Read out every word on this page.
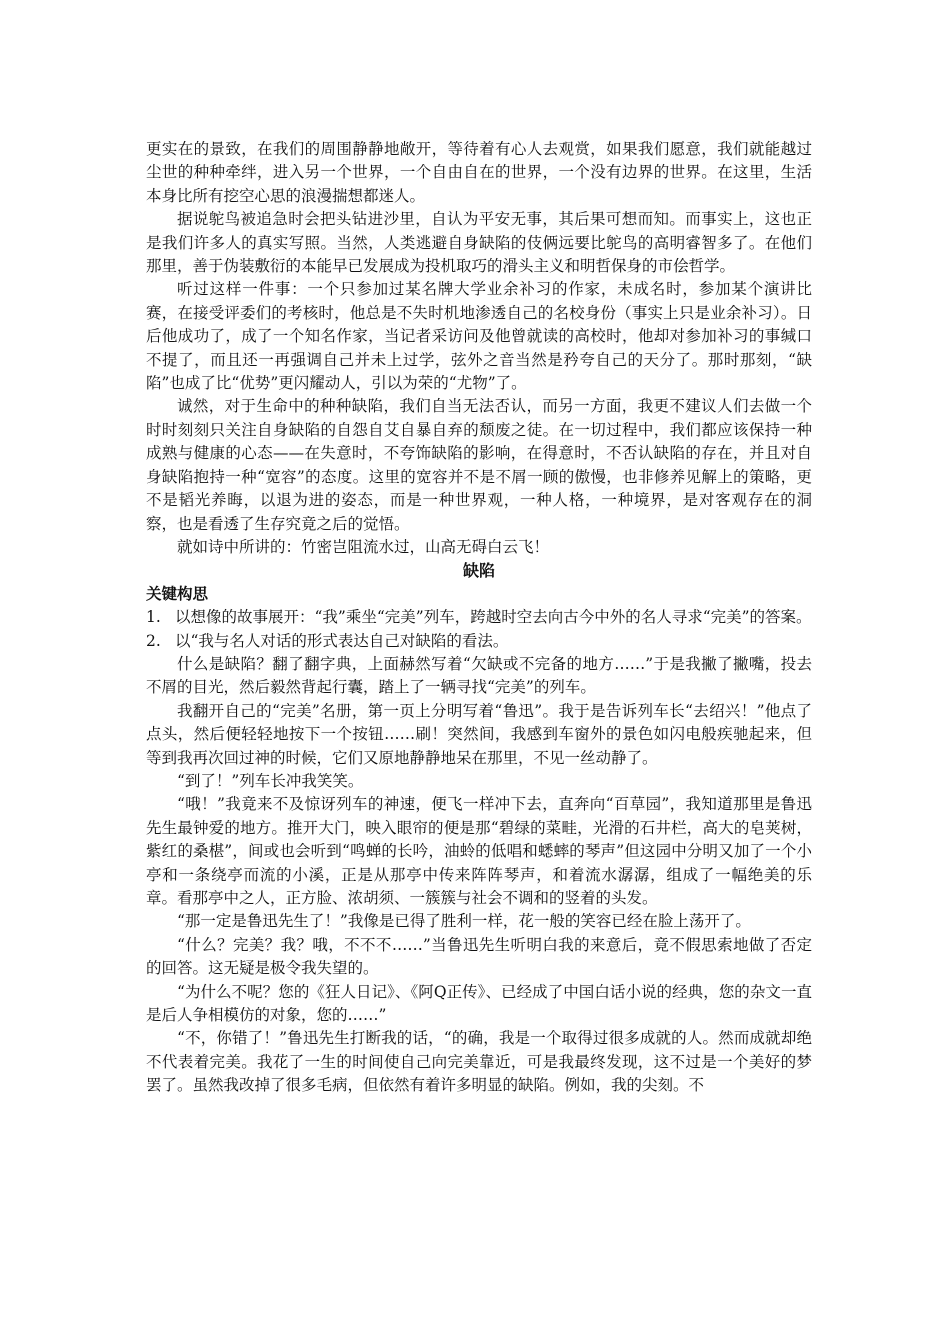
更实在的景致，在我们的周围静静地敞开，等待着有心人去观赏，如果我们愿意，我们就能越过尘世的种种牵绊，进入另一个世界，一个自由自在的世界，一个没有边界的世界。在这里，生活本身比所有挖空心思的浪漫揣想都迷人。

据说鸵鸟被追急时会把头钻进沙里，自认为平安无事，其后果可想而知。而事实上，这也正是我们许多人的真实写照。当然，人类逃避自身缺陷的伎俩远要比鸵鸟的高明睿智多了。在他们那里，善于伪装敷衍的本能早已发展成为投机取巧的滑头主义和明哲保身的市侩哲学。

听过这样一件事：一个只参加过某名牌大学业余补习的作家，未成名时，参加某个演讲比赛，在接受评委们的考核时，他总是不失时机地渗透自己的名校身份（事实上只是业余补习）。日后他成功了，成了一个知名作家，当记者采访问及他曾就读的高校时，他却对参加补习的事缄口不提了，而且还一再强调自己并未上过学，弦外之音当然是矜夸自己的天分了。那时那刻，“缺陷”也成了比“优势”更闪耀动人，引以为荣的“尤物”了。

诚然，对于生命中的种种缺陷，我们自当无法否认，而另一方面，我更不建议人们去做一个时时刻刻只关注自身缺陷的自怨自艾自暴自弃的颓废之徒。在一切过程中，我们都应该保持一种成熟与健康的心态——在失意时，不夸饰缺陷的影响，在得意时，不否认缺陷的存在，并且对自身缺陷抱持一种“宽容”的态度。这里的宽容并不是不屑一顾的傲慢，也非修养见解上的策略，更不是韬光养晦，以退为进的姿态，而是一种世界观，一种人格，一种境界，是对客观存在的洞察，也是看透了生存究竟之后的觉悟。

就如诗中所讲的：竹密岂阻流水过，山高无碍白云飞！

缺陷

关键构思

1. 以想像的故事展开：“我”乘坐“完美”列车，跨越时空去向古今中外的名人寻求“完美”的答案。
2. 以“我与名人对话的形式表达自己对缺陷的看法。

什么是缺陷？翻了翻字典，上面赫然写着“欠缺或不完备的地方……”于是我撇了撇嘴，投去不屑的目光，然后毅然背起行囊，踏上了一辆寻找“完美”的列车。

我翻开自己的“完美”名册，第一页上分明写着“鲁迅”。我于是告诉列车长“去绍兴！”他点了点头，然后便轻轻地按下一个按钮……刷！突然间，我感到车窗外的景色如闪电般疾驰起来，但等到我再次回过神的时候，它们又原地静静地呆在那里，不见一丝动静了。

“到了！”列车长冲我笑笑。

“哦！”我竟来不及惊讶列车的神速，便飞一样冲下去，直奔向“百草园”，我知道那里是鲁迅先生最钟爱的地方。推开大门，映入眼帘的便是那“碧绿的菜畦，光滑的石井栏，高大的皂荚树，紫红的桑椹”，间或也会听到“鸣蝉的长吟，油蛉的低唱和蟋蟀的琴声”但这园中分明又加了一个小亭和一条绕亭而流的小溪，正是从那亭中传来阵阵琴声，和着流水潺潺，组成了一幅绝美的乐章。看那亭中之人，正方脸、浓胡须、一簇簇与社会不调和的竖着的头发。

“那一定是鲁迅先生了！”我像是已得了胜利一样，花一般的笑容已经在脸上荡开了。

“什么？完美？我？哦，不不不……”当鲁迅先生听明白我的来意后，竟不假思索地做了否定的回答。这无疑是极令我失望的。

“为什么不呢？您的《狂人日记》、《阿Q正传》、已经成了中国白话小说的经典，您的杂文一直是后人争相模仿的对象，您的……”

“不，你错了！”鲁迅先生打断我的话，“的确，我是一个取得过很多成就的人。然而成就却绝不代表着完美。我花了一生的时间使自己向完美靠近，可是我最终发现，这不过是一个美好的梦罢了。虽然我改掉了很多毛病，但依然有着许多明显的缺陷。例如，我的尖刻。不
